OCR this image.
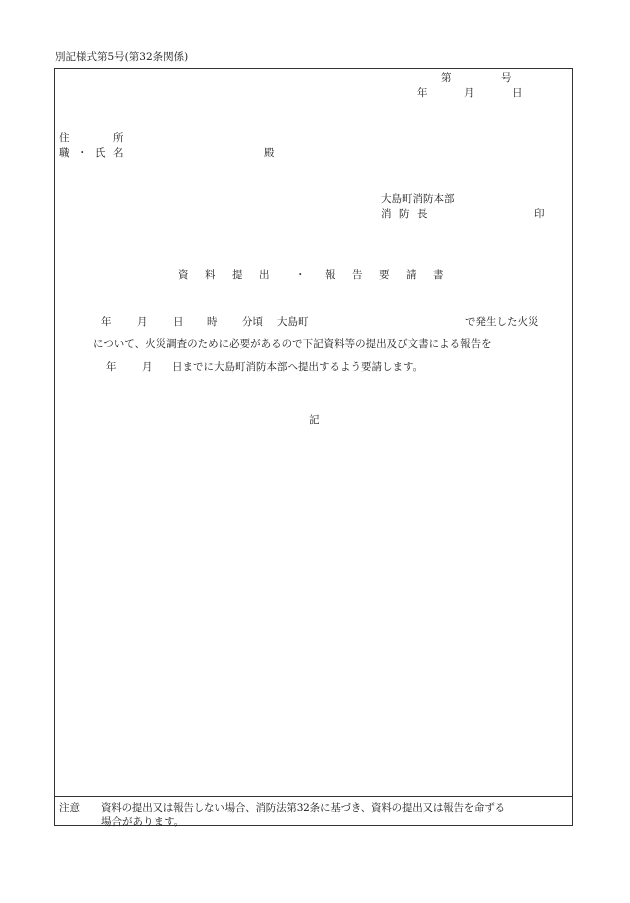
別記様式第5号(第32条関係)
第	号
年	月	日
住	所
職 ・ 氏 名	殿
大島町消防本部
消 防 長	印
資 料 提 出 ・ 報 告 要 請 書
年 月 日 時 分頃 大島町	で発生した火災
について、火災調査のために必要があるので下記資料等の提出及び文書による報告を
年 月 日までに大島町消防本部へ提出するよう要請します。
記
注意 資料の提出又は報告しない場合、消防法第32条に基づき、資料の提出又は報告を命ずる
場合があります。
